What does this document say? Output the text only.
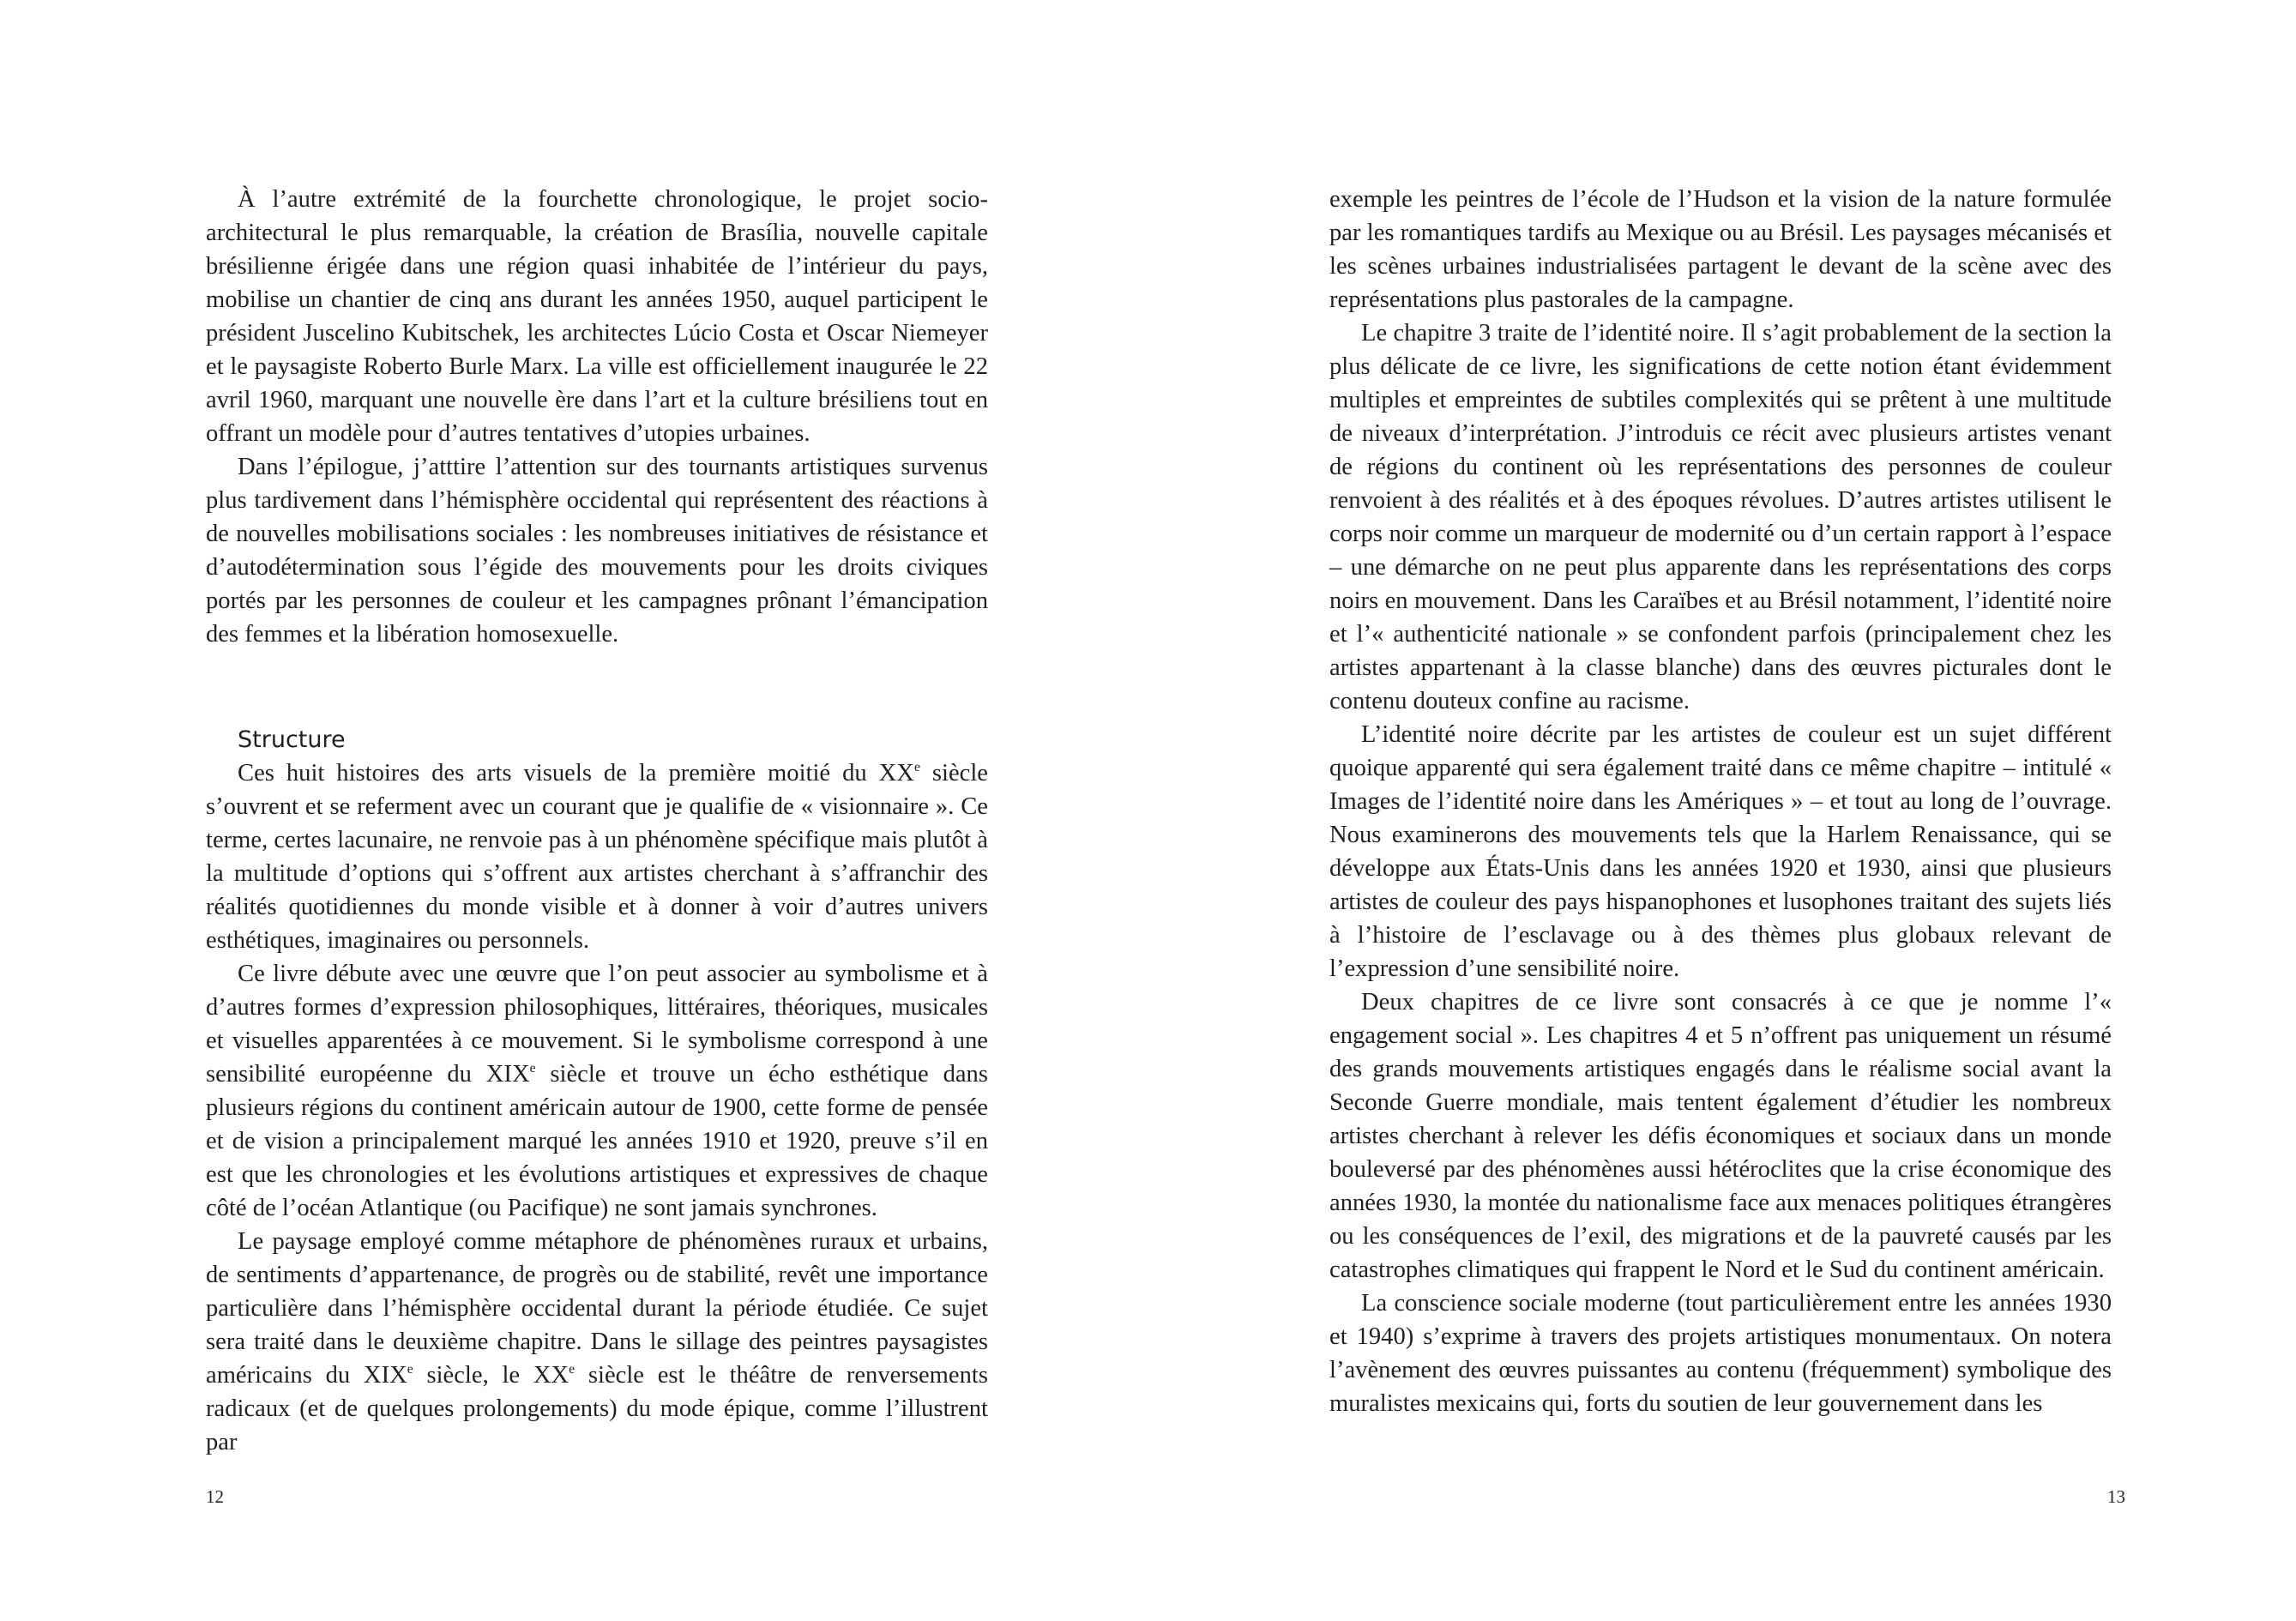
À l’autre extrémité de la fourchette chronologique, le projet socio-architectural le plus remarquable, la création de Brasília, nouvelle capitale brésilienne érigée dans une région quasi inhabitée de l’intérieur du pays, mobilise un chantier de cinq ans durant les années 1950, auquel participent le président Juscelino Kubitschek, les architectes Lúcio Costa et Oscar Niemeyer et le paysagiste Roberto Burle Marx. La ville est officiellement inaugurée le 22 avril 1960, marquant une nouvelle ère dans l’art et la culture brésiliens tout en offrant un modèle pour d’autres tentatives d’utopies urbaines.

Dans l’épilogue, j’atttire l’attention sur des tournants artistiques survenus plus tardivement dans l’hémisphère occidental qui représentent des réactions à de nouvelles mobilisations sociales : les nombreuses initiatives de résistance et d’autodétermination sous l’égide des mouvements pour les droits civiques portés par les personnes de couleur et les campagnes prônant l’émancipation des femmes et la libération homosexuelle.

Structure

Ces huit histoires des arts visuels de la première moitié du XXe siècle s’ouvrent et se referment avec un courant que je qualifie de « visionnaire ». Ce terme, certes lacunaire, ne renvoie pas à un phénomène spécifique mais plutôt à la multitude d’options qui s’offrent aux artistes cherchant à s’affranchir des réalités quotidiennes du monde visible et à donner à voir d’autres univers esthétiques, imaginaires ou personnels.

Ce livre débute avec une œuvre que l’on peut associer au symbolisme et à d’autres formes d’expression philosophiques, littéraires, théoriques, musicales et visuelles apparentées à ce mouvement. Si le symbolisme correspond à une sensibilité européenne du XIXe siècle et trouve un écho esthétique dans plusieurs régions du continent américain autour de 1900, cette forme de pensée et de vision a principalement marqué les années 1910 et 1920, preuve s’il en est que les chronologies et les évolutions artistiques et expressives de chaque côté de l’océan Atlantique (ou Pacifique) ne sont jamais synchrones.

Le paysage employé comme métaphore de phénomènes ruraux et urbains, de sentiments d’appartenance, de progrès ou de stabilité, revêt une importance particulière dans l’hémisphère occidental durant la période étudiée. Ce sujet sera traité dans le deuxième chapitre. Dans le sillage des peintres paysagistes américains du XIXe siècle, le XXe siècle est le théâtre de renversements radicaux (et de quelques prolongements) du mode épique, comme l’illustrent par

12

exemple les peintres de l’école de l’Hudson et la vision de la nature formulée par les romantiques tardifs au Mexique ou au Brésil. Les paysages mécanisés et les scènes urbaines industrialisées partagent le devant de la scène avec des représentations plus pastorales de la campagne.

Le chapitre 3 traite de l’identité noire. Il s’agit probablement de la section la plus délicate de ce livre, les significations de cette notion étant évidemment multiples et empreintes de subtiles complexités qui se prêtent à une multitude de niveaux d’interprétation. J’introduis ce récit avec plusieurs artistes venant de régions du continent où les représentations des personnes de couleur renvoient à des réalités et à des époques révolues. D’autres artistes utilisent le corps noir comme un marqueur de modernité ou d’un certain rapport à l’espace – une démarche on ne peut plus apparente dans les représentations des corps noirs en mouvement. Dans les Caraïbes et au Brésil notamment, l’identité noire et l’« authenticité nationale » se confondent parfois (principalement chez les artistes appartenant à la classe blanche) dans des œuvres picturales dont le contenu douteux confine au racisme.

L’identité noire décrite par les artistes de couleur est un sujet différent quoique apparenté qui sera également traité dans ce même chapitre – intitulé « Images de l’identité noire dans les Amériques » – et tout au long de l’ouvrage. Nous examinerons des mouvements tels que la Harlem Renaissance, qui se développe aux États-Unis dans les années 1920 et 1930, ainsi que plusieurs artistes de couleur des pays hispanophones et lusophones traitant des sujets liés à l’histoire de l’esclavage ou à des thèmes plus globaux relevant de l’expression d’une sensibilité noire.

Deux chapitres de ce livre sont consacrés à ce que je nomme l’« engagement social ». Les chapitres 4 et 5 n’offrent pas uniquement un résumé des grands mouvements artistiques engagés dans le réalisme social avant la Seconde Guerre mondiale, mais tentent également d’étudier les nombreux artistes cherchant à relever les défis économiques et sociaux dans un monde bouleversé par des phénomènes aussi hétéroclites que la crise économique des années 1930, la montée du nationalisme face aux menaces politiques étrangères ou les conséquences de l’exil, des migrations et de la pauvreté causés par les catastrophes climatiques qui frappent le Nord et le Sud du continent américain.

La conscience sociale moderne (tout particulièrement entre les années 1930 et 1940) s’exprime à travers des projets artistiques monumentaux. On notera l’avènement des œuvres puissantes au contenu (fréquemment) symbolique des muralistes mexicains qui, forts du soutien de leur gouvernement dans les

13
